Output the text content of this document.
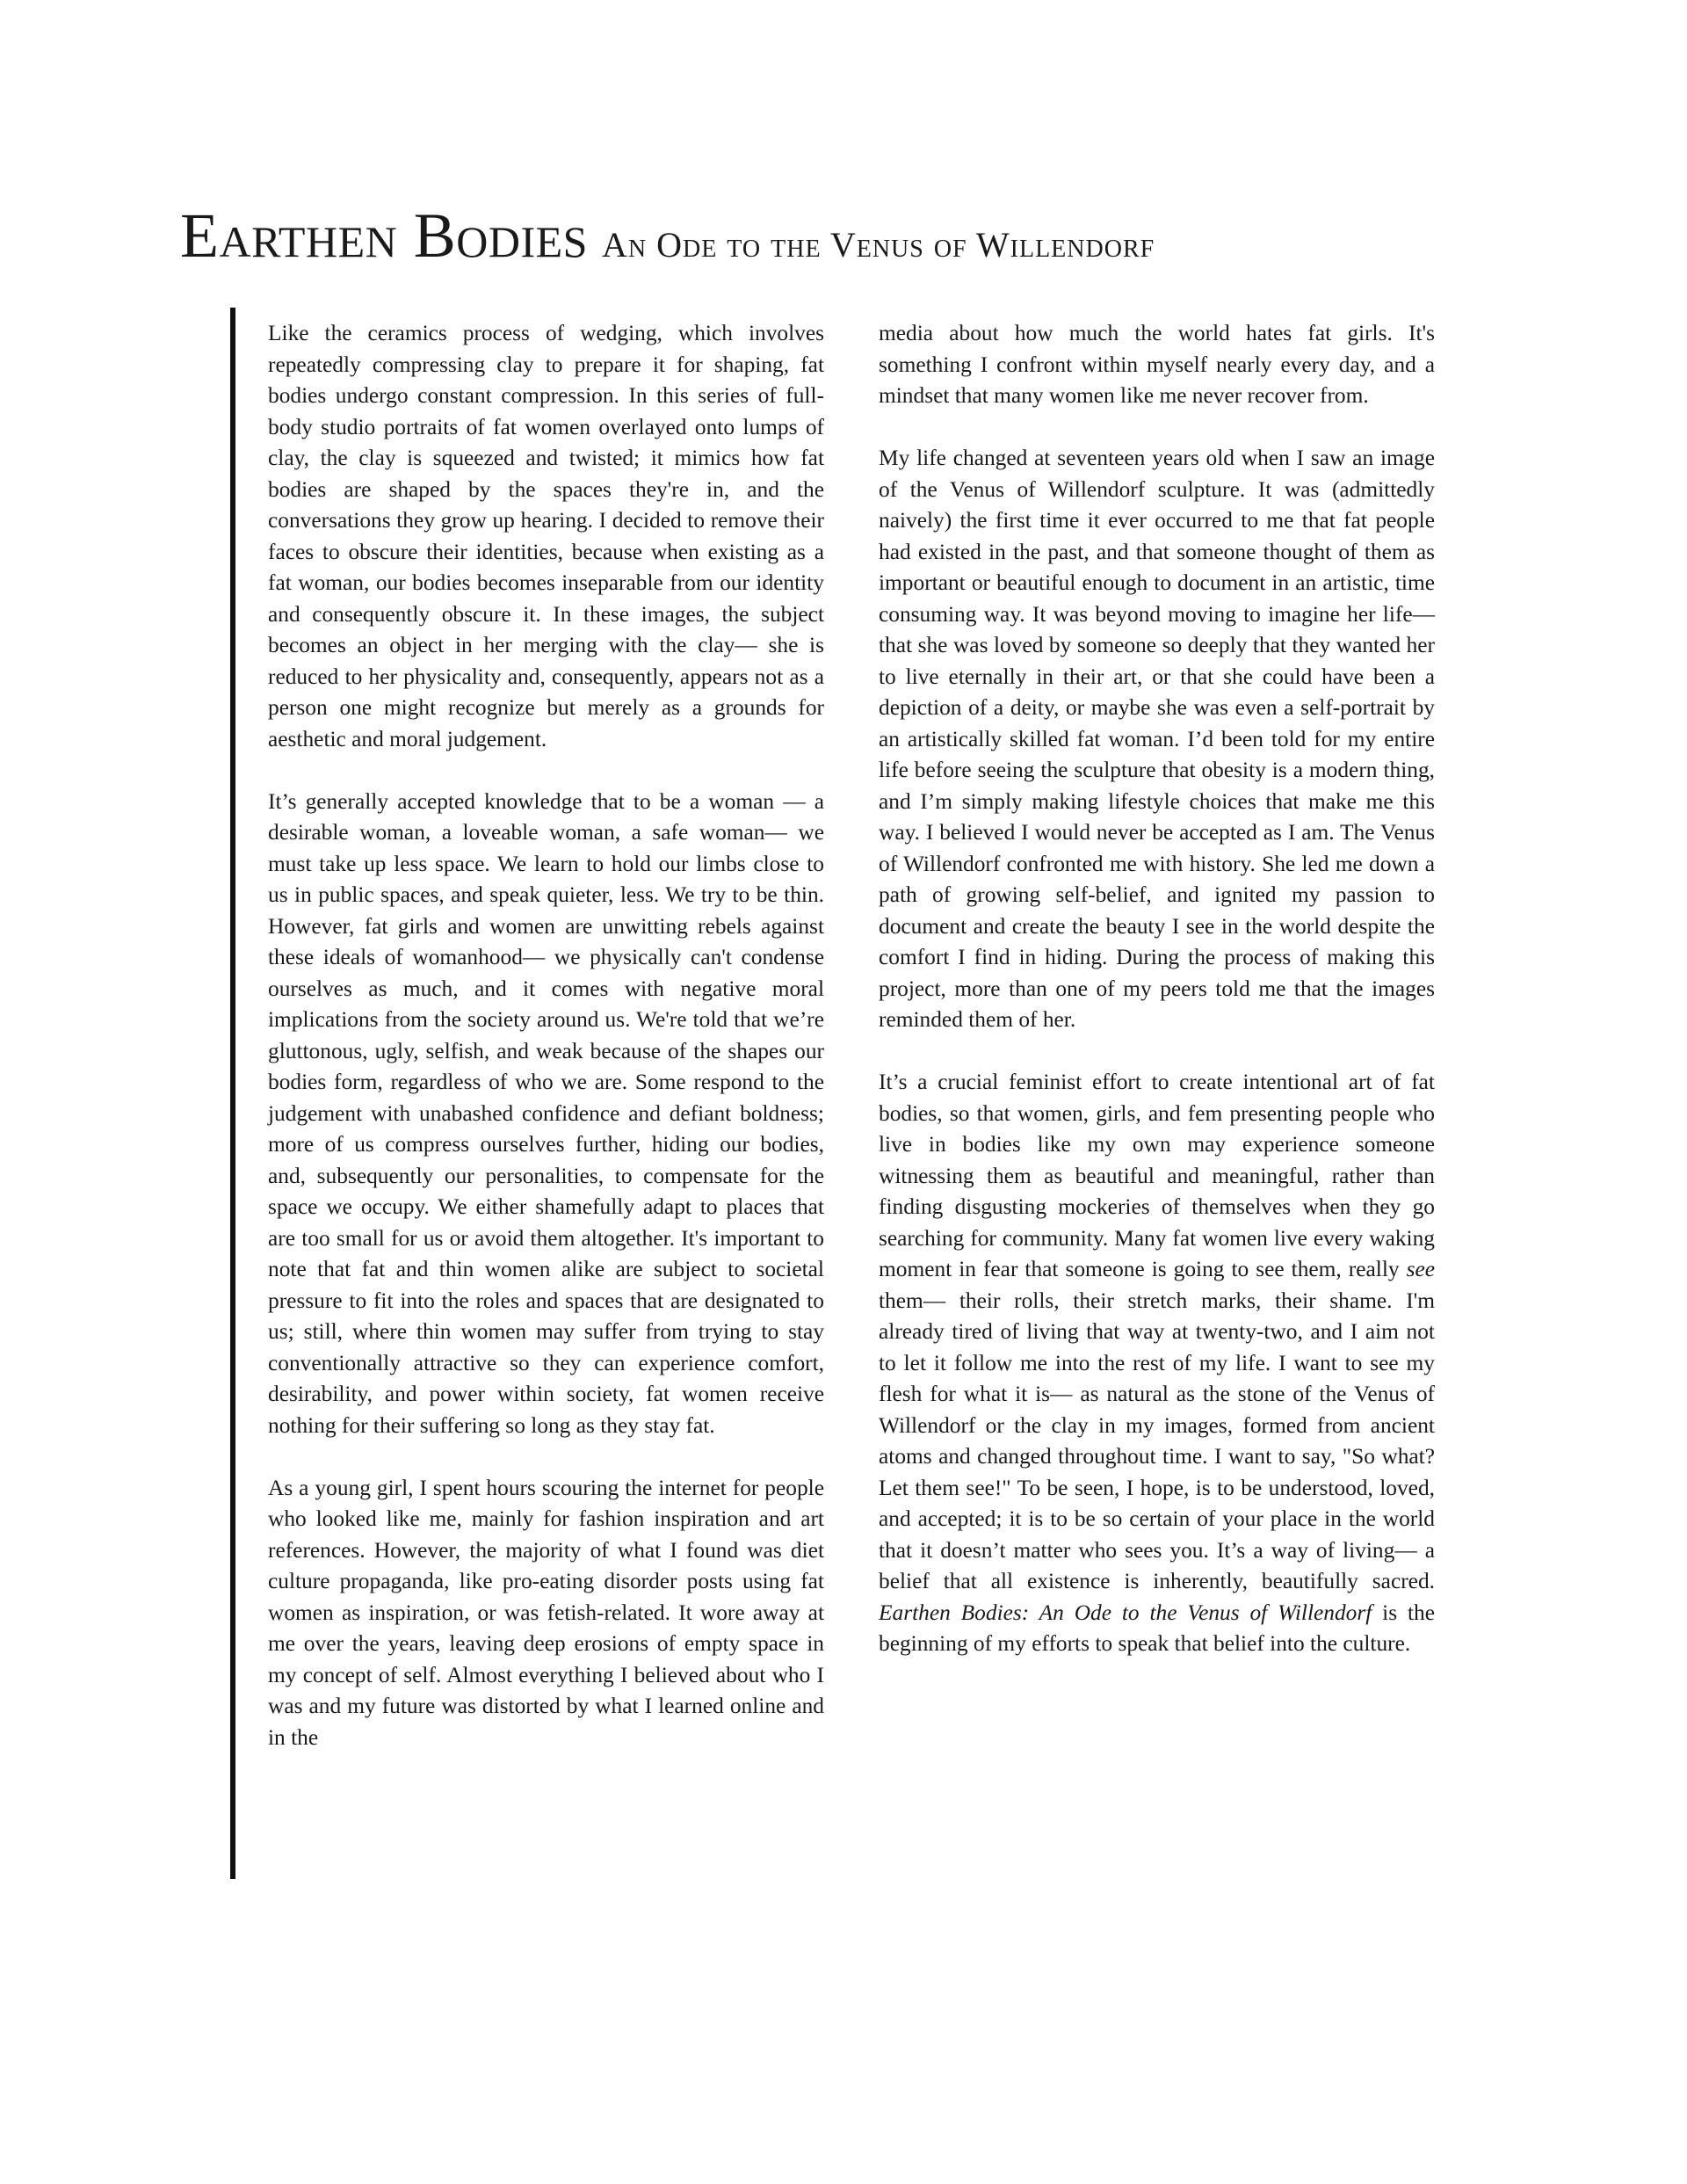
Earthen Bodies An Ode to the Venus of Willendorf

Like the ceramics process of wedging, which involves repeatedly compressing clay to prepare it for shaping, fat bodies undergo constant compression. In this series of full-body studio portraits of fat women overlayed onto lumps of clay, the clay is squeezed and twisted; it mimics how fat bodies are shaped by the spaces they're in, and the conversations they grow up hearing. I decided to remove their faces to obscure their identities, because when existing as a fat woman, our bodies becomes inseparable from our identity and consequently obscure it. In these images, the subject becomes an object in her merging with the clay— she is reduced to her physicality and, consequently, appears not as a person one might recognize but merely as a grounds for aesthetic and moral judgement.

It’s generally accepted knowledge that to be a woman — a desirable woman, a loveable woman, a safe woman— we must take up less space. We learn to hold our limbs close to us in public spaces, and speak quieter, less. We try to be thin. However, fat girls and women are unwitting rebels against these ideals of womanhood— we physically can't condense ourselves as much, and it comes with negative moral implications from the society around us. We're told that we’re gluttonous, ugly, selfish, and weak because of the shapes our bodies form, regardless of who we are. Some respond to the judgement with unabashed confidence and defiant boldness; more of us compress ourselves further, hiding our bodies, and, subsequently our personalities, to compensate for the space we occupy. We either shamefully adapt to places that are too small for us or avoid them altogether. It's important to note that fat and thin women alike are subject to societal pressure to fit into the roles and spaces that are designated to us; still, where thin women may suffer from trying to stay conventionally attractive so they can experience comfort, desirability, and power within society, fat women receive nothing for their suffering so long as they stay fat.

As a young girl, I spent hours scouring the internet for people who looked like me, mainly for fashion inspiration and art references. However, the majority of what I found was diet culture propaganda, like pro-eating disorder posts using fat women as inspiration, or was fetish-related. It wore away at me over the years, leaving deep erosions of empty space in my concept of self. Almost everything I believed about who I was and my future was distorted by what I learned online and in the

media about how much the world hates fat girls. It's something I confront within myself nearly every day, and a mindset that many women like me never recover from.

My life changed at seventeen years old when I saw an image of the Venus of Willendorf sculpture. It was (admittedly naively) the first time it ever occurred to me that fat people had existed in the past, and that someone thought of them as important or beautiful enough to document in an artistic, time consuming way. It was beyond moving to imagine her life— that she was loved by someone so deeply that they wanted her to live eternally in their art, or that she could have been a depiction of a deity, or maybe she was even a self-portrait by an artistically skilled fat woman. I’d been told for my entire life before seeing the sculpture that obesity is a modern thing, and I’m simply making lifestyle choices that make me this way. I believed I would never be accepted as I am. The Venus of Willendorf confronted me with history. She led me down a path of growing self-belief, and ignited my passion to document and create the beauty I see in the world despite the comfort I find in hiding. During the process of making this project, more than one of my peers told me that the images reminded them of her.

It’s a crucial feminist effort to create intentional art of fat bodies, so that women, girls, and fem presenting people who live in bodies like my own may experience someone witnessing them as beautiful and meaningful, rather than finding disgusting mockeries of themselves when they go searching for community. Many fat women live every waking moment in fear that someone is going to see them, really see them— their rolls, their stretch marks, their shame. I'm already tired of living that way at twenty-two, and I aim not to let it follow me into the rest of my life. I want to see my flesh for what it is— as natural as the stone of the Venus of Willendorf or the clay in my images, formed from ancient atoms and changed throughout time. I want to say, "So what? Let them see!" To be seen, I hope, is to be understood, loved, and accepted; it is to be so certain of your place in the world that it doesn’t matter who sees you. It’s a way of living— a belief that all existence is inherently, beautifully sacred. Earthen Bodies: An Ode to the Venus of Willendorf is the beginning of my efforts to speak that belief into the culture.
